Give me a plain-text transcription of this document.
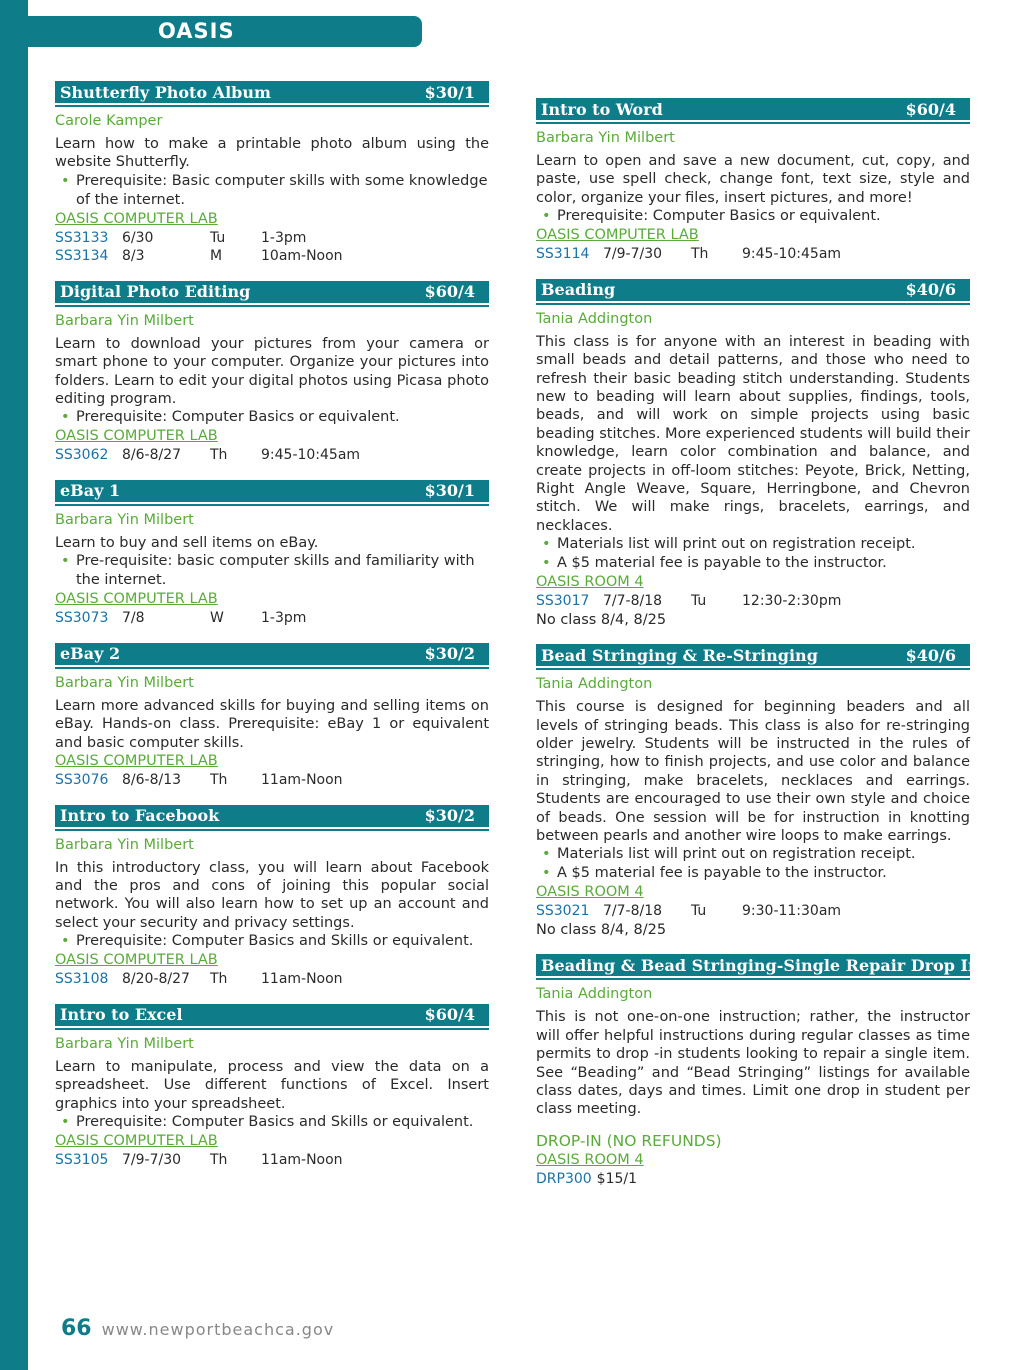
OASIS
Shutterfly Photo Album	$30/1
Carole Kamper
Learn how to make a printable photo album using the website Shutterfly.
• Prerequisite: Basic computer skills with some knowledge of the internet.
OASIS COMPUTER LAB
SS3133 6/30	Tu	1-3pm
SS3134 8/3	M	10am-Noon
Digital Photo Editing	$60/4
Barbara Yin Milbert
Learn to download your pictures from your camera or smart phone to your computer. Organize your pictures into folders. Learn to edit your digital photos using Picasa photo editing program.
• Prerequisite: Computer Basics or equivalent.
OASIS COMPUTER LAB
SS3062 8/6-8/27	Th	9:45-10:45am
eBay 1	$30/1
Barbara Yin Milbert
Learn to buy and sell items on eBay.
• Pre-requisite: basic computer skills and familiarity with the internet.
OASIS COMPUTER LAB
SS3073 7/8	W	1-3pm
eBay 2	$30/2
Barbara Yin Milbert
Learn more advanced skills for buying and selling items on eBay. Hands-on class. Prerequisite: eBay 1 or equivalent and basic computer skills.
OASIS COMPUTER LAB
SS3076 8/6-8/13	Th	11am-Noon
Intro to Facebook	$30/2
Barbara Yin Milbert
In this introductory class, you will learn about Facebook and the pros and cons of joining this popular social network. You will also learn how to set up an account and select your security and privacy settings.
• Prerequisite: Computer Basics and Skills or equivalent.
OASIS COMPUTER LAB
SS3108 8/20-8/27	Th	11am-Noon
Intro to Excel	$60/4
Barbara Yin Milbert
Learn to manipulate, process and view the data on a spreadsheet. Use different functions of Excel. Insert graphics into your spreadsheet.
• Prerequisite: Computer Basics and Skills or equivalent.
OASIS COMPUTER LAB
SS3105 7/9-7/30	Th	11am-Noon
Intro to Word	$60/4
Barbara Yin Milbert
Learn to open and save a new document, cut, copy, and paste, use spell check, change font, text size, style and color, organize your files, insert pictures, and more!
• Prerequisite: Computer Basics or equivalent.
OASIS COMPUTER LAB
SS3114 7/9-7/30	Th	9:45-10:45am
Beading	$40/6
Tania Addington
This class is for anyone with an interest in beading with small beads and detail patterns, and those who need to refresh their basic beading stitch understanding. Students new to beading will learn about supplies, findings, tools, beads, and will work on simple projects using basic beading stitches. More experienced students will build their knowledge, learn color combination and balance, and create projects in off-loom stitches: Peyote, Brick, Netting, Right Angle Weave, Square, Herringbone, and Chevron stitch. We will make rings, bracelets, earrings, and necklaces.
• Materials list will print out on registration receipt.
• A $5 material fee is payable to the instructor.
OASIS ROOM 4
SS3017 7/7-8/18	Tu	12:30-2:30pm
No class 8/4, 8/25
Bead Stringing & Re-Stringing	$40/6
Tania Addington
This course is designed for beginning beaders and all levels of stringing beads. This class is also for re-stringing older jewelry. Students will be instructed in the rules of stringing, how to finish projects, and use color and balance in stringing, make bracelets, necklaces and earrings. Students are encouraged to use their own style and choice of beads. One session will be for instruction in knotting between pearls and another wire loops to make earrings.
• Materials list will print out on registration receipt.
• A $5 material fee is payable to the instructor.
OASIS ROOM 4
SS3021 7/7-8/18	Tu	9:30-11:30am
No class 8/4, 8/25
Beading & Bead Stringing-Single Repair Drop In
Tania Addington
This is not one-on-one instruction; rather, the instructor will offer helpful instructions during regular classes as time permits to drop -in students looking to repair a single item. See “Beading” and “Bead Stringing” listings for available class dates, days and times. Limit one drop in student per class meeting.
DROP-IN (NO REFUNDS)
OASIS ROOM 4
DRP300 $15/1
66 www.newportbeachca.gov
